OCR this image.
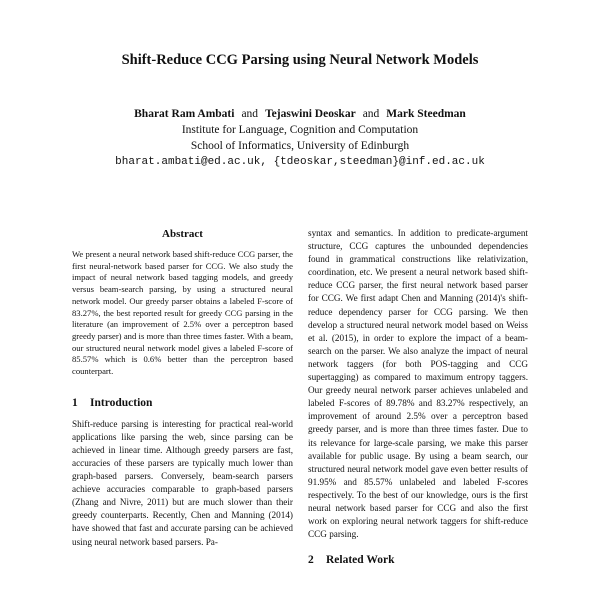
Shift-Reduce CCG Parsing using Neural Network Models
Bharat Ram Ambati and Tejaswini Deoskar and Mark Steedman
Institute for Language, Cognition and Computation
School of Informatics, University of Edinburgh
bharat.ambati@ed.ac.uk, {tdeoskar,steedman}@inf.ed.ac.uk
Abstract

We present a neural network based shift-reduce CCG parser, the first neural-network based parser for CCG. We also study the impact of neural network based tagging models, and greedy versus beam-search parsing, by using a structured neural network model. Our greedy parser obtains a labeled F-score of 83.27%, the best reported result for greedy CCG parsing in the literature (an improvement of 2.5% over a perceptron based greedy parser) and is more than three times faster. With a beam, our structured neural network model gives a labeled F-score of 85.57% which is 0.6% better than the perceptron based counterpart.

1 Introduction

Shift-reduce parsing is interesting for practical real-world applications like parsing the web, since parsing can be achieved in linear time. Although greedy parsers are fast, accuracies of these parsers are typically much lower than graph-based parsers. Conversely, beam-search parsers achieve accuracies comparable to graph-based parsers (Zhang and Nivre, 2011) but are much slower than their greedy counterparts. Recently, Chen and Manning (2014) have showed that fast and accurate parsing can be achieved using neural network based parsers. Pa-

syntax and semantics. In addition to predicate-argument structure, CCG captures the unbounded dependencies found in grammatical constructions like relativization, coordination, etc. We present a neural network based shift-reduce CCG parser, the first neural network based parser for CCG. We first adapt Chen and Manning (2014)'s shift-reduce dependency parser for CCG parsing. We then develop a structured neural network model based on Weiss et al. (2015), in order to explore the impact of a beam-search on the parser. We also analyze the impact of neural network taggers (for both POS-tagging and CCG supertagging) as compared to maximum entropy taggers. Our greedy neural network parser achieves unlabeled and labeled F-scores of 89.78% and 83.27% respectively, an improvement of around 2.5% over a perceptron based greedy parser, and is more than three times faster. Due to its relevance for large-scale parsing, we make this parser available for public usage. By using a beam search, our structured neural network model gave even better results of 91.95% and 85.57% unlabeled and labeled F-scores respectively. To the best of our knowledge, ours is the first neural network based parser for CCG and also the first work on exploring neural network taggers for shift-reduce CCG parsing.

2 Related Work
